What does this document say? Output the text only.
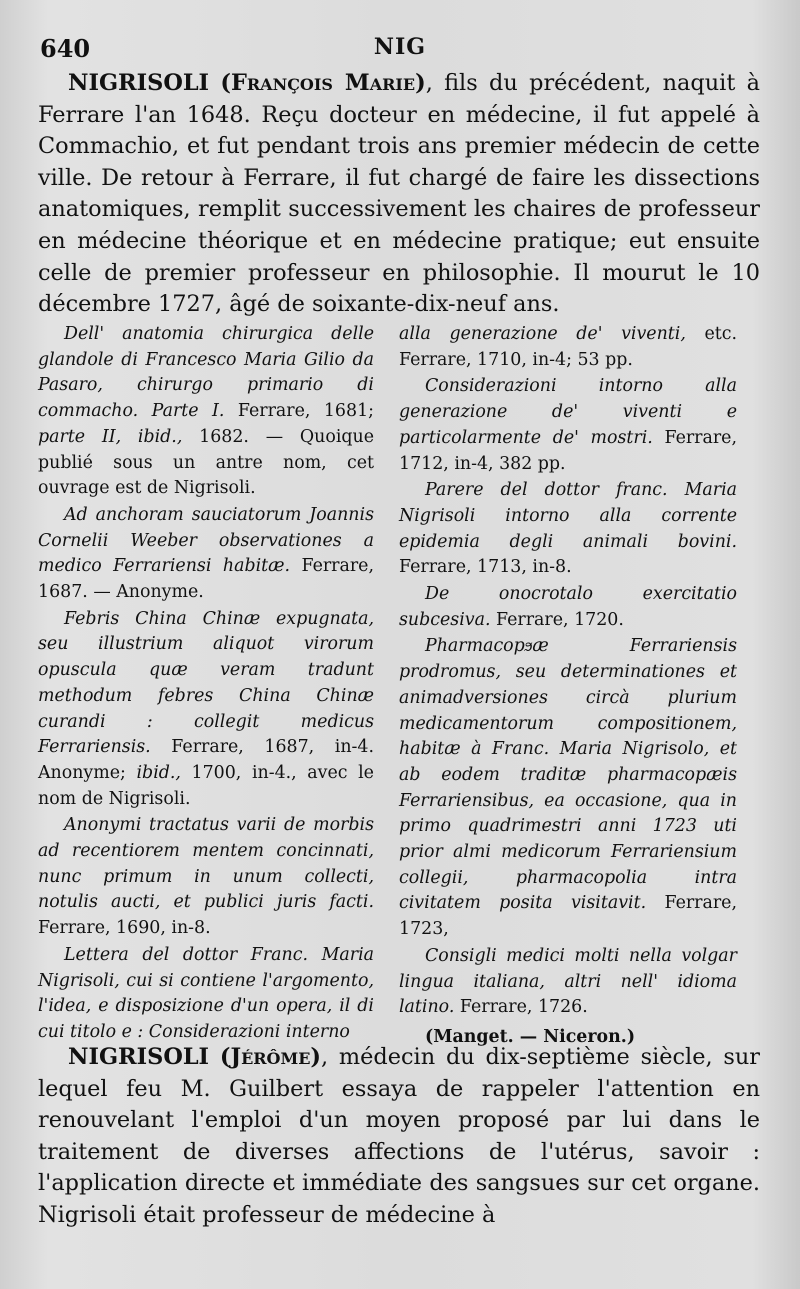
640	NIG

NIGRISOLI (François Marie), fils du précédent, naquit à Ferrare l'an 1648. Reçu docteur en médecine, il fut appelé à Commachio, et fut pendant trois ans premier médecin de cette ville. De retour à Ferrare, il fut chargé de faire les dissections anatomiques, remplit successivement les chaires de professeur en médecine théorique et en médecine pratique; eut ensuite celle de premier professeur en philosophie. Il mourut le 10 décembre 1727, âgé de soixante-dix-neuf ans.

Dell' anatomia chirurgica delle glandole di Francesco Maria Gilio da Pasaro, chirurgo primario di commacho. Parte I. Ferrare, 1681; parte II, ibid., 1682. — Quoique publié sous un antre nom, cet ouvrage est de Nigrisoli.

Ad anchoram sauciatorum Joannis Cornelii Weeber observationes a medico Ferrariensi habitæ. Ferrare, 1687. — Anonyme.

Febris China Chinæ expugnata, seu illustrium aliquot virorum opuscula quæ veram tradunt methodum febres China Chinæ curandi : collegit medicus Ferrariensis. Ferrare, 1687, in-4. Anonyme; ibid., 1700, in-4., avec le nom de Nigrisoli.

Anonymi tractatus varii de morbis ad recentiorem mentem concinnati, nunc primum in unum collecti, notulis aucti, et publici juris facti. Ferrare, 1690, in-8.

Lettera del dottor Franc. Maria Nigrisoli, cui si contiene l'argomento, l'idea, e disposizione d'un opera, il di cui titolo e : Considerazioni interno

alla generazione de' viventi, etc. Ferrare, 1710, in-4; 53 pp.

Considerazioni intorno alla generazione de' viventi e particolarmente de' mostri. Ferrare, 1712, in-4, 382 pp.

Parere del dottor franc. Maria Nigrisoli intorno alla corrente epidemia degli animali bovini. Ferrare, 1713, in-8.

De onocrotalo exercitatio subcesiva. Ferrare, 1720.

Pharmacopϧæ Ferrariensis prodromus, seu determinationes et animadversiones circà plurium medicamentorum compositionem, habitæ à Franc. Maria Nigrisolo, et ab eodem traditæ pharmacopæis Ferrariensibus, ea occasione, qua in primo quadrimestri anni 1723 uti prior almi medicorum Ferrariensium collegii, pharmacopolia intra civitatem posita visitavit. Ferrare, 1723,

Consigli medici molti nella volgar lingua italiana, altri nell' idioma latino. Ferrare, 1726.

(Manget. — Niceron.)

NIGRISOLI (Jérôme), médecin du dix-septième siècle, sur lequel feu M. Guilbert essaya de rappeler l'attention en renouvelant l'emploi d'un moyen proposé par lui dans le traitement de diverses affections de l'utérus, savoir : l'application directe et immédiate des sangsues sur cet organe. Nigrisoli était professeur de médecine à
